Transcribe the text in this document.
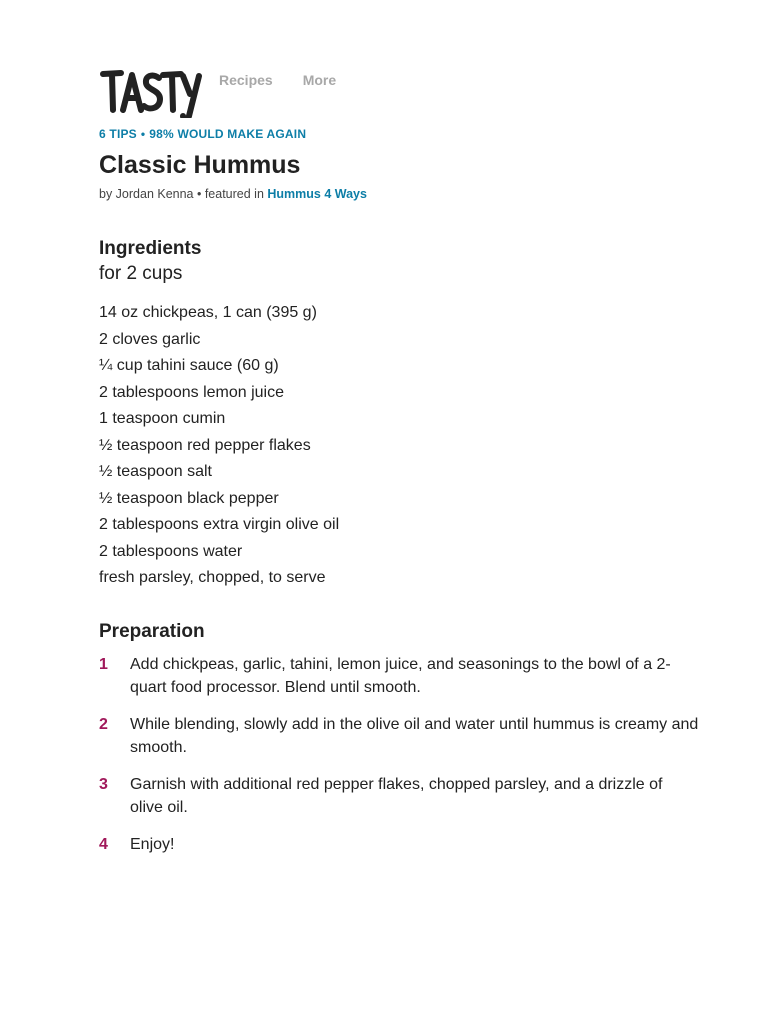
Recipes More
6 TIPS • 98% WOULD MAKE AGAIN
Classic Hummus
by Jordan Kenna • featured in Hummus 4 Ways
Ingredients
for 2 cups
14 oz chickpeas, 1 can (395 g)
2 cloves garlic
¼ cup tahini sauce (60 g)
2 tablespoons lemon juice
1 teaspoon cumin
½ teaspoon red pepper flakes
½ teaspoon salt
½ teaspoon black pepper
2 tablespoons extra virgin olive oil
2 tablespoons water
fresh parsley, chopped, to serve
Preparation
1 Add chickpeas, garlic, tahini, lemon juice, and seasonings to the bowl of a 2-quart food processor. Blend until smooth.
2 While blending, slowly add in the olive oil and water until hummus is creamy and smooth.
3 Garnish with additional red pepper flakes, chopped parsley, and a drizzle of olive oil.
4 Enjoy!
